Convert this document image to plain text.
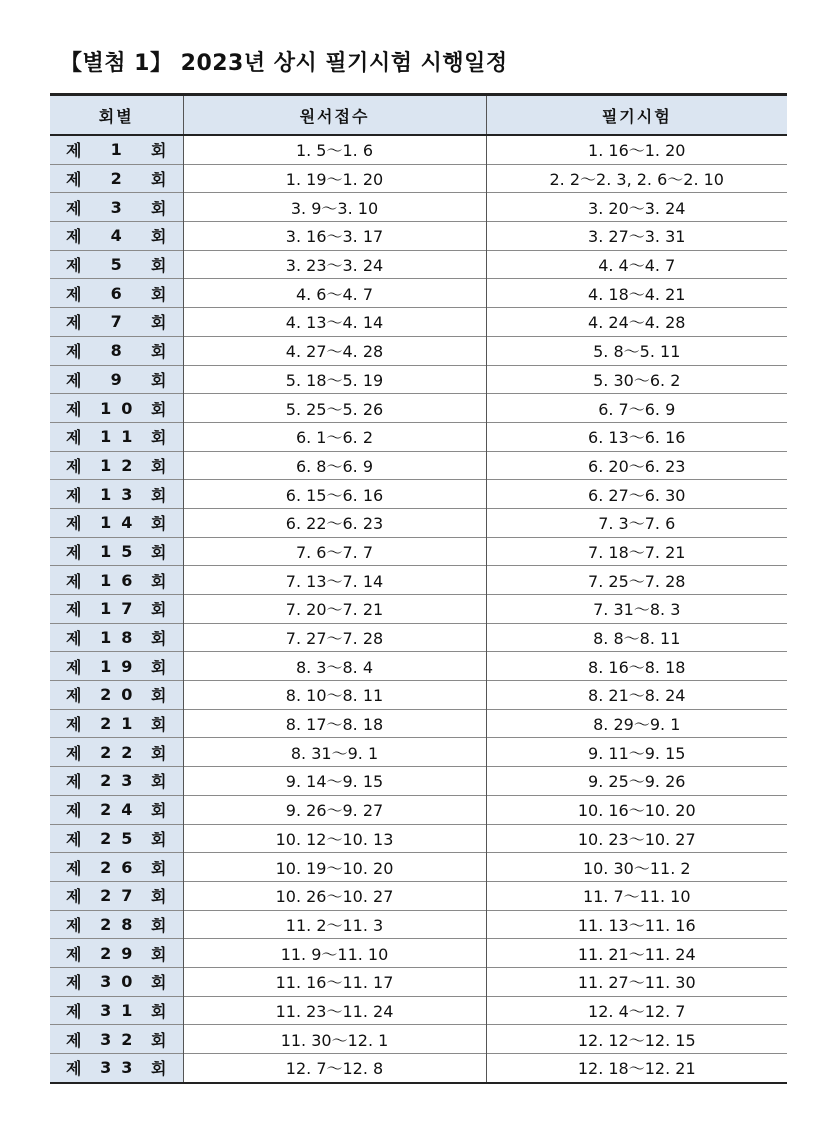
【별첨 1】 2023년 상시 필기시험 시행일정
회별	원서접수	필기시험

제 1 회	1. 5～1. 6	1. 16～1. 20

제 2 회	1. 19～1. 20	2. 2～2. 3, 2. 6～2. 10

제 3 회	3. 9～3. 10	3. 20～3. 24

제 4 회	3. 16～3. 17	3. 27～3. 31

제 5 회	3. 23～3. 24	4. 4～4. 7

제 6 회	4. 6～4. 7	4. 18～4. 21

제 7 회	4. 13～4. 14	4. 24～4. 28

제 8 회	4. 27～4. 28	5. 8～5. 11

제 9 회	5. 18～5. 19	5. 30～6. 2

제 10 회	5. 25～5. 26	6. 7～6. 9

제 11 회	6. 1～6. 2	6. 13～6. 16

제 12 회	6. 8～6. 9	6. 20～6. 23

제 13 회	6. 15～6. 16	6. 27～6. 30

제 14 회	6. 22～6. 23	7. 3～7. 6

제 15 회	7. 6～7. 7	7. 18～7. 21

제 16 회	7. 13～7. 14	7. 25～7. 28

제 17 회	7. 20～7. 21	7. 31～8. 3

제 18 회	7. 27～7. 28	8. 8～8. 11

제 19 회	8. 3～8. 4	8. 16～8. 18

제 20 회	8. 10～8. 11	8. 21～8. 24

제 21 회	8. 17～8. 18	8. 29～9. 1

제 22 회	8. 31～9. 1	9. 11～9. 15

제 23 회	9. 14～9. 15	9. 25～9. 26

제 24 회	9. 26～9. 27	10. 16～10. 20

제 25 회	10. 12～10. 13	10. 23～10. 27

제 26 회	10. 19～10. 20	10. 30～11. 2

제 27 회	10. 26～10. 27	11. 7～11. 10

제 28 회	11. 2～11. 3	11. 13～11. 16

제 29 회	11. 9～11. 10	11. 21～11. 24

제 30 회	11. 16～11. 17	11. 27～11. 30

제 31 회	11. 23～11. 24	12. 4～12. 7

제 32 회	11. 30～12. 1	12. 12～12. 15

제 33 회	12. 7～12. 8	12. 18～12. 21
